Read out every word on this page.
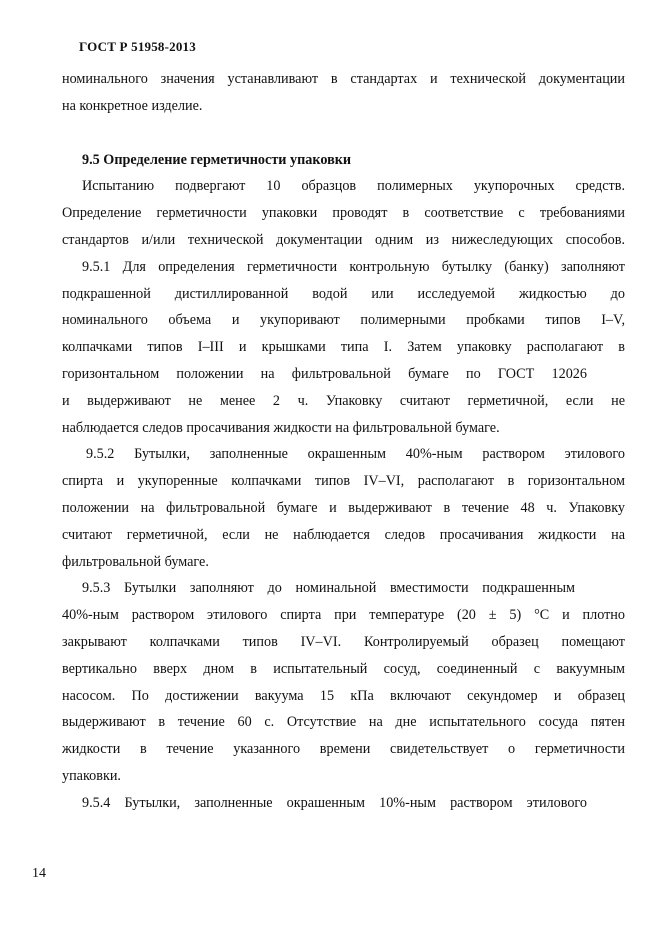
ГОСТ Р 51958-2013
номинального значения устанавливают в стандартах и технической документации
на конкретное изделие.
9.5 Определение герметичности упаковки
Испытанию подвергают 10 образцов полимерных укупорочных средств.
Определение герметичности упаковки проводят в соответствие с требованиями
стандартов и/или технической документации одним из нижеследующих способов.
9.5.1 Для определения герметичности контрольную бутылку (банку) заполняют
подкрашенной дистиллированной водой или исследуемой жидкостью до
номинального объема и укупоривают полимерными пробками типов I–V,
колпачками типов I–III и крышками типа I. Затем упаковку располагают в
горизонтальном положении на фильтровальной бумаге по ГОСТ 12026
и выдерживают не менее 2 ч. Упаковку считают герметичной, если не
наблюдается следов просачивания жидкости на фильтровальной бумаге.
9.5.2 Бутылки, заполненные окрашенным 40%-ным раствором этилового
спирта и укупоренные колпачками типов IV–VI, располагают в горизонтальном
положении на фильтровальной бумаге и выдерживают в течение 48 ч. Упаковку
считают герметичной, если не наблюдается следов просачивания жидкости на
фильтровальной бумаге.
9.5.3 Бутылки заполняют до номинальной вместимости подкрашенным
40%-ным раствором этилового спирта при температуре (20 ± 5) °C и плотно
закрывают колпачками типов IV–VI. Контролируемый образец помещают
вертикально вверх дном в испытательный сосуд, соединенный с вакуумным
насосом. По достижении вакуума 15 кПа включают секундомер и образец
выдерживают в течение 60 с. Отсутствие на дне испытательного сосуда пятен
жидкости в течение указанного времени свидетельствует о герметичности
упаковки.
9.5.4 Бутылки, заполненные окрашенным 10%-ным раствором этилового
14
